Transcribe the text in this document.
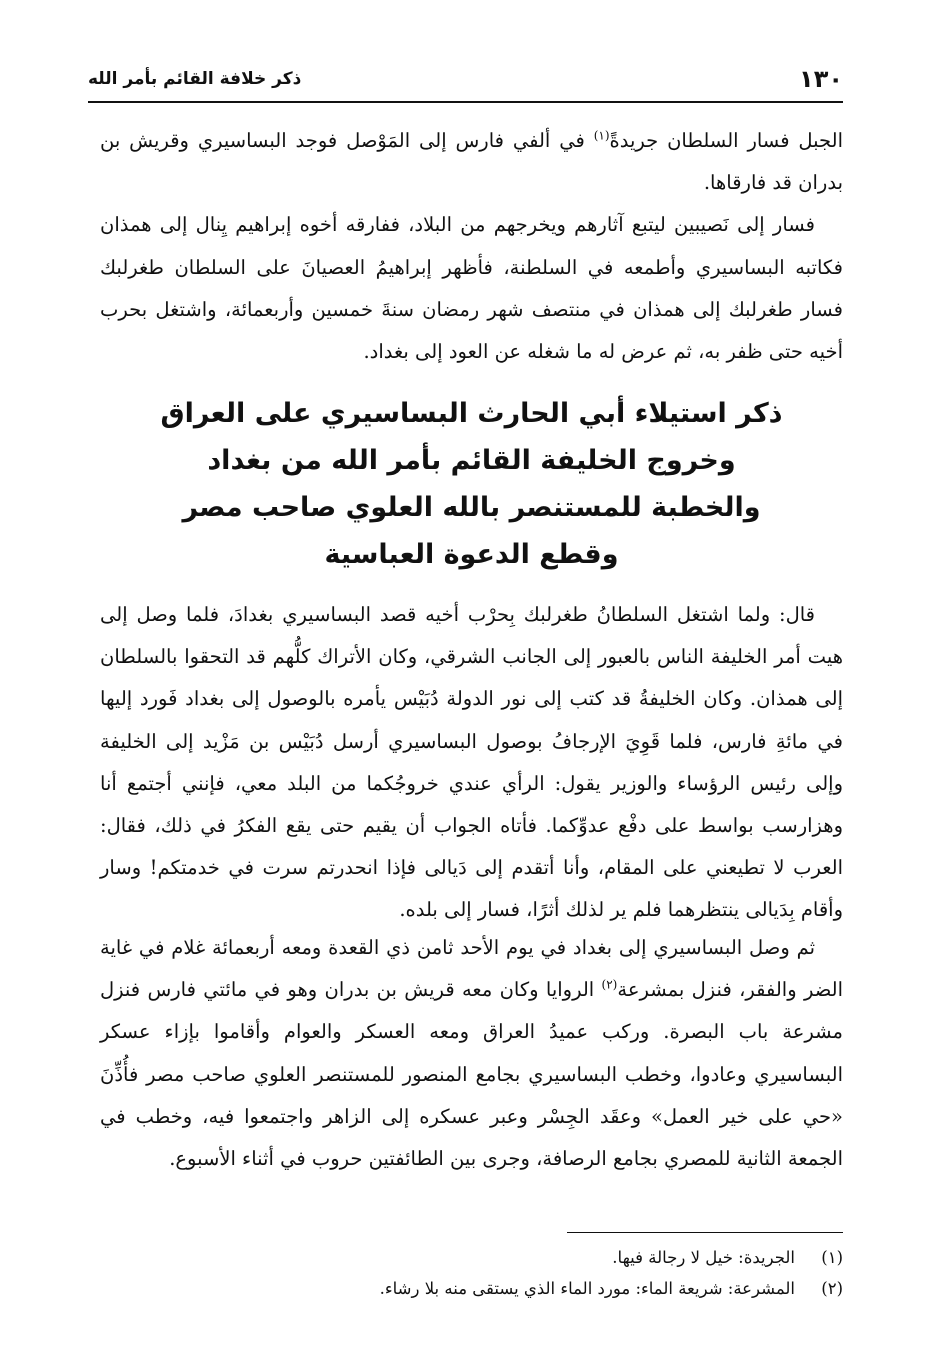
١٣٠
ذكر خلافة القائم بأمر الله

الجبل فسار السلطان جريدةً$^{(١)}$ في ألفي فارس إلى المَوْصل فوجد البساسيري وقريش بن بدران قد فارقاها.

فسار إلى نَصيبين ليتبع آثارهم ويخرجهم من البلاد، ففارقه أخوه إبراهيم يِنال إلى همذان فكاتبه البساسيري وأطمعه في السلطنة، فأظهر إبراهيمُ العصيانَ على السلطان طغرلبك فسار طغرلبك إلى همذان في منتصف شهر رمضان سنةَ خمسين وأربعمائة، واشتغل بحرب أخيه حتى ظفر به، ثم عرض له ما شغله عن العود إلى بغداد.

ذكر استيلاء أبي الحارث البساسيري على العراق
وخروج الخليفة القائم بأمر الله من بغداد
والخطبة للمستنصر بالله العلوي صاحب مصر
وقطع الدعوة العباسية

قال: ولما اشتغل السلطانُ طغرلبك بِحرْب أخيه قصد البساسيري بغدادَ، فلما وصل إلى هيت أمر الخليفة الناس بالعبور إلى الجانب الشرقي، وكان الأتراك كلُّهم قد التحقوا بالسلطان إلى همذان. وكان الخليفةُ قد كتب إلى نور الدولة دُبَيْس يأمره بالوصول إلى بغداد فَورد إليها في مائةِ فارس، فلما قَوِيَ الإرجافُ بوصول البساسيري أرسل دُبَيْس بن مَزْيد إلى الخليفة وإلى رئيس الرؤساء والوزير يقول: الرأي عندي خروجُكما من البلد معي، فإنني أجتمع أنا وهزارسب بواسط على دفْع عدوِّكما. فأتاه الجواب أن يقيم حتى يقع الفكرُ في ذلك، فقال: العرب لا تطيعني على المقام، وأنا أتقدم إلى دَيالى فإذا انحدرتم سرت في خدمتكم! وسار وأقام بِدَيالى ينتظرهما فلم ير لذلك أثرًا، فسار إلى بلده.

ثم وصل البساسيري إلى بغداد في يوم الأحد ثامن ذي القعدة ومعه أربعمائة غلام في غاية الضر والفقر، فنزل بمشرعة$^{(٢)}$ الروايا وكان معه قريش بن بدران وهو في مائتي فارس فنزل مشرعة باب البصرة. وركب عميدُ العراق ومعه العسكر والعوام وأقاموا بإزاء عسكر البساسيري وعادوا، وخطب البساسيري بجامع المنصور للمستنصر العلوي صاحب مصر فأُذِّنَ «حي على خير العمل» وعقَد الجِسْر وعبر عسكره إلى الزاهر واجتمعوا فيه، وخطب في الجمعة الثانية للمصري بجامع الرصافة، وجرى بين الطائفتين حروب في أثناء الأسبوع.

(١)
الجريدة: خيل لا رجالة فيها.
(٢)
المشرعة: شريعة الماء: مورد الماء الذي يستقى منه بلا رشاء.
